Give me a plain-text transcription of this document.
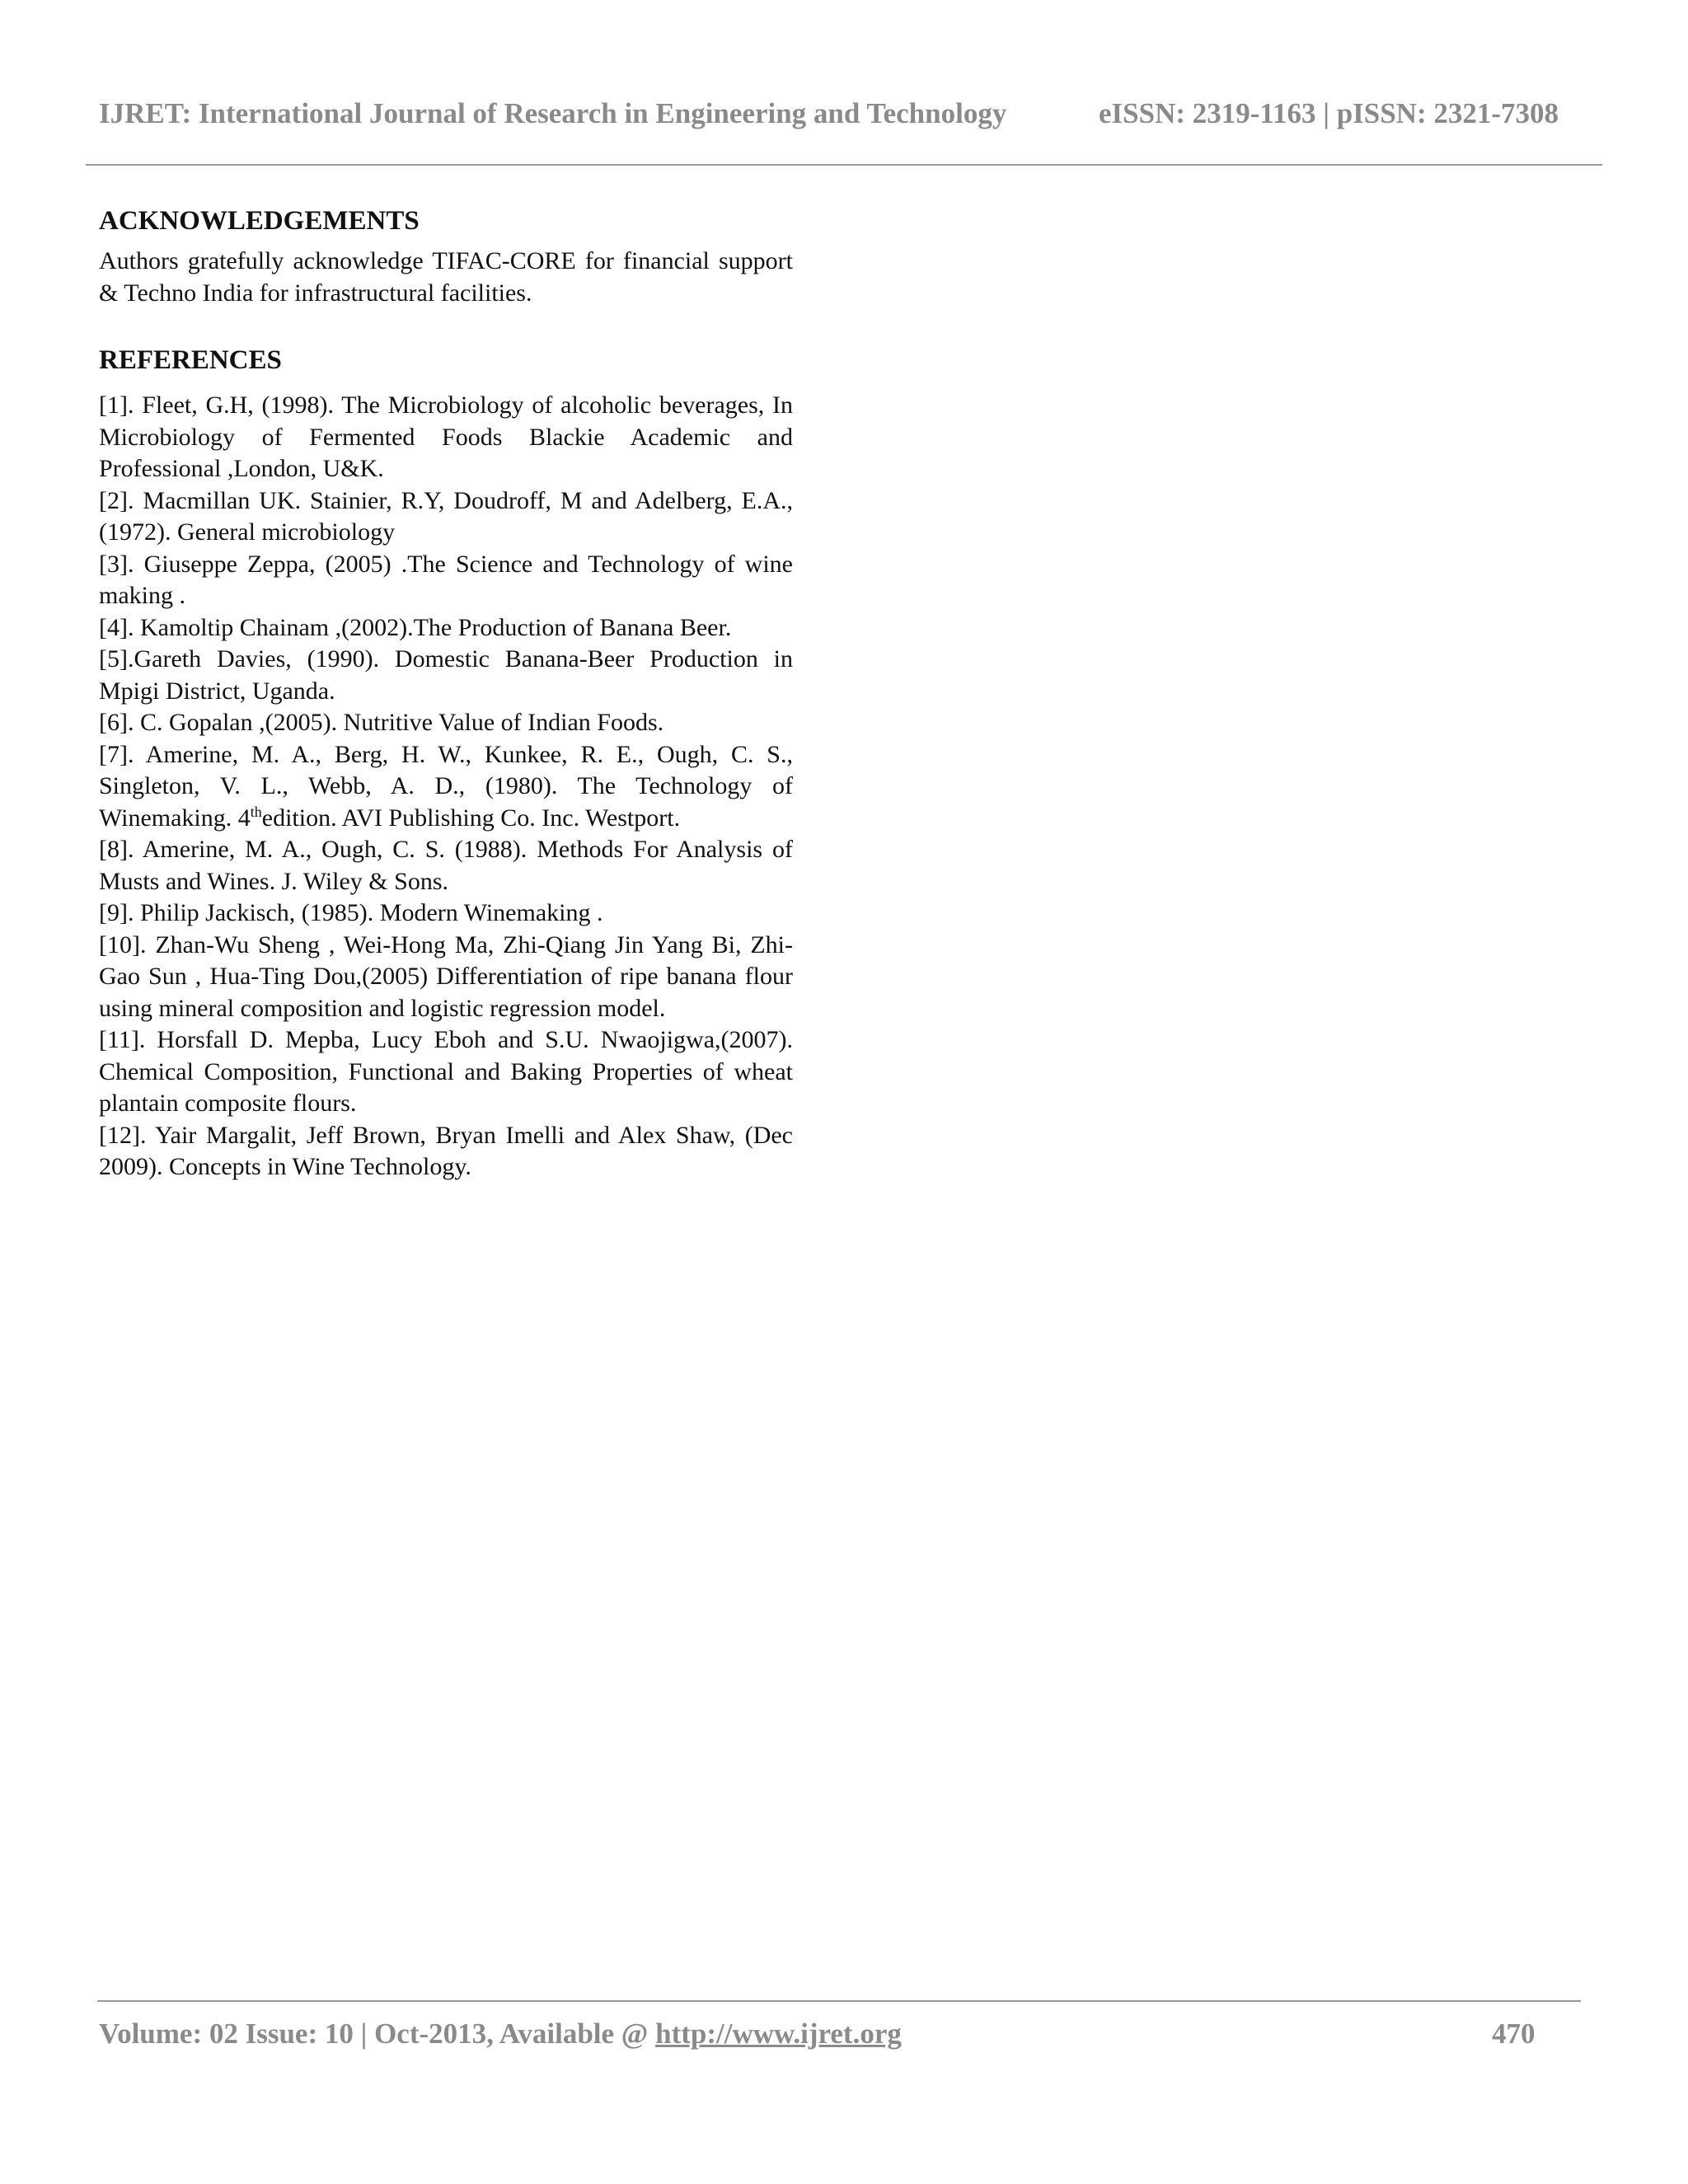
IJRET: International Journal of Research in Engineering and Technology	eISSN: 2319-1163 | pISSN: 2321-7308
ACKNOWLEDGEMENTS

Authors gratefully acknowledge TIFAC-CORE for financial support & Techno India for infrastructural facilities.

REFERENCES

[1]. Fleet, G.H, (1998). The Microbiology of alcoholic beverages, In Microbiology of Fermented Foods Blackie Academic and Professional ,London, U&K.

[2]. Macmillan UK. Stainier, R.Y, Doudroff, M and Adelberg, E.A., (1972). General microbiology

[3]. Giuseppe Zeppa, (2005) .The Science and Technology of wine making .

[4]. Kamoltip Chainam ,(2002).The Production of Banana Beer.

[5].Gareth Davies, (1990). Domestic Banana-Beer Production in Mpigi District, Uganda.

[6]. C. Gopalan ,(2005). Nutritive Value of Indian Foods.

[7]. Amerine, M. A., Berg, H. W., Kunkee, R. E., Ough, C. S., Singleton, V. L., Webb, A. D., (1980). The Technology of Winemaking. 4thedition. AVI Publishing Co. Inc. Westport.

[8]. Amerine, M. A., Ough, C. S. (1988). Methods For Analysis of Musts and Wines. J. Wiley & Sons.

[9]. Philip Jackisch, (1985). Modern Winemaking .

[10]. Zhan-Wu Sheng , Wei-Hong Ma, Zhi-Qiang Jin Yang Bi, Zhi-Gao Sun , Hua-Ting Dou,(2005) Differentiation of ripe banana flour using mineral composition and logistic regression model.

[11]. Horsfall D. Mepba, Lucy Eboh and S.U. Nwaojigwa,(2007). Chemical Composition, Functional and Baking Properties of wheat plantain composite flours.

[12]. Yair Margalit, Jeff Brown, Bryan Imelli and Alex Shaw, (Dec 2009). Concepts in Wine Technology.

Volume: 02 Issue: 10 | Oct-2013, Available @ http://www.ijret.org	470
